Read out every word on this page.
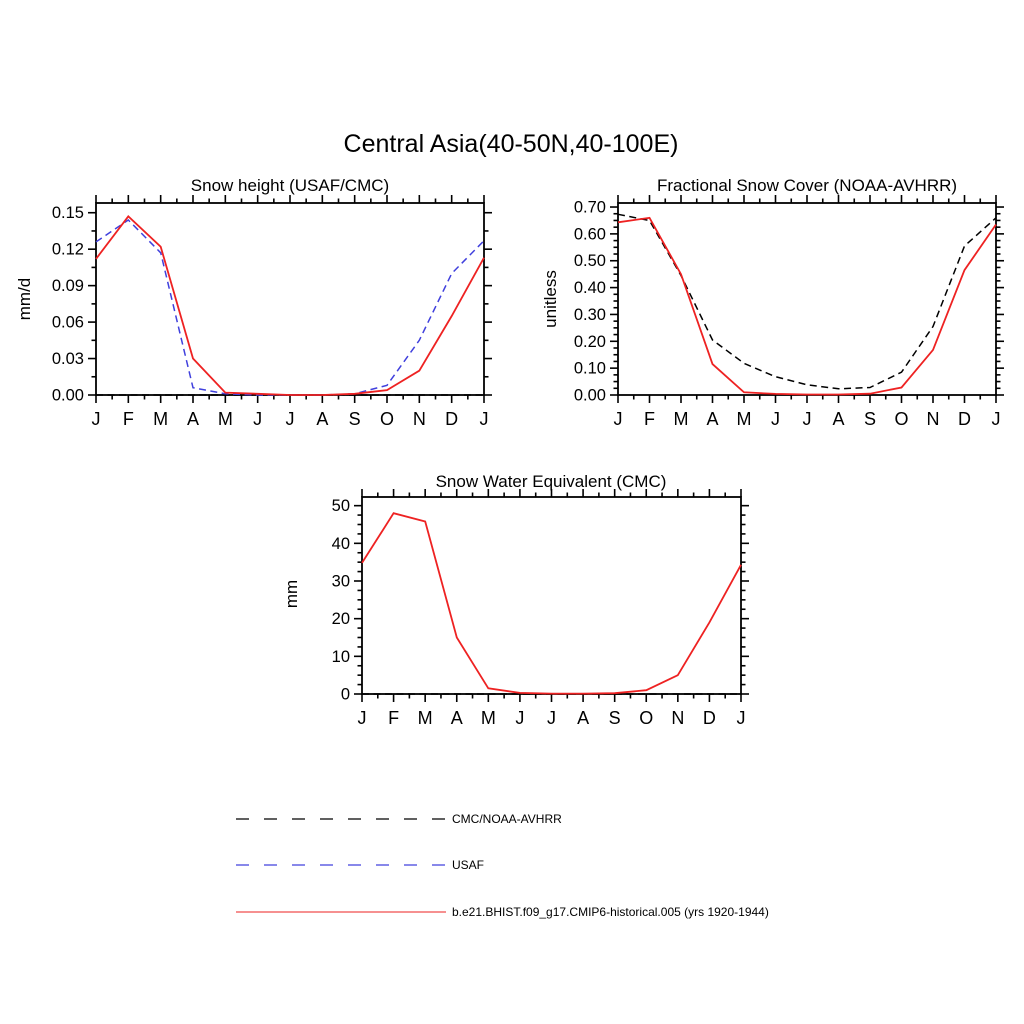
Central Asia(40-50N,40-100E)
Snow height (USAF/CMC)
mm/d
0.00
0.03
0.06
0.09
0.12
0.15
J F M A M J J A S O N D J
Fractional Snow Cover (NOAA-AVHRR)
unitless
0.00
0.10
0.20
0.30
0.40
0.50
0.60
0.70
J F M A M J J A S O N D J
Snow Water Equivalent (CMC)
mm
0
10
20
30
40
50
J F M A M J J A S O N D J
CMC/NOAA-AVHRR
USAF
b.e21.BHIST.f09_g17.CMIP6-historical.005 (yrs 1920-1944)
